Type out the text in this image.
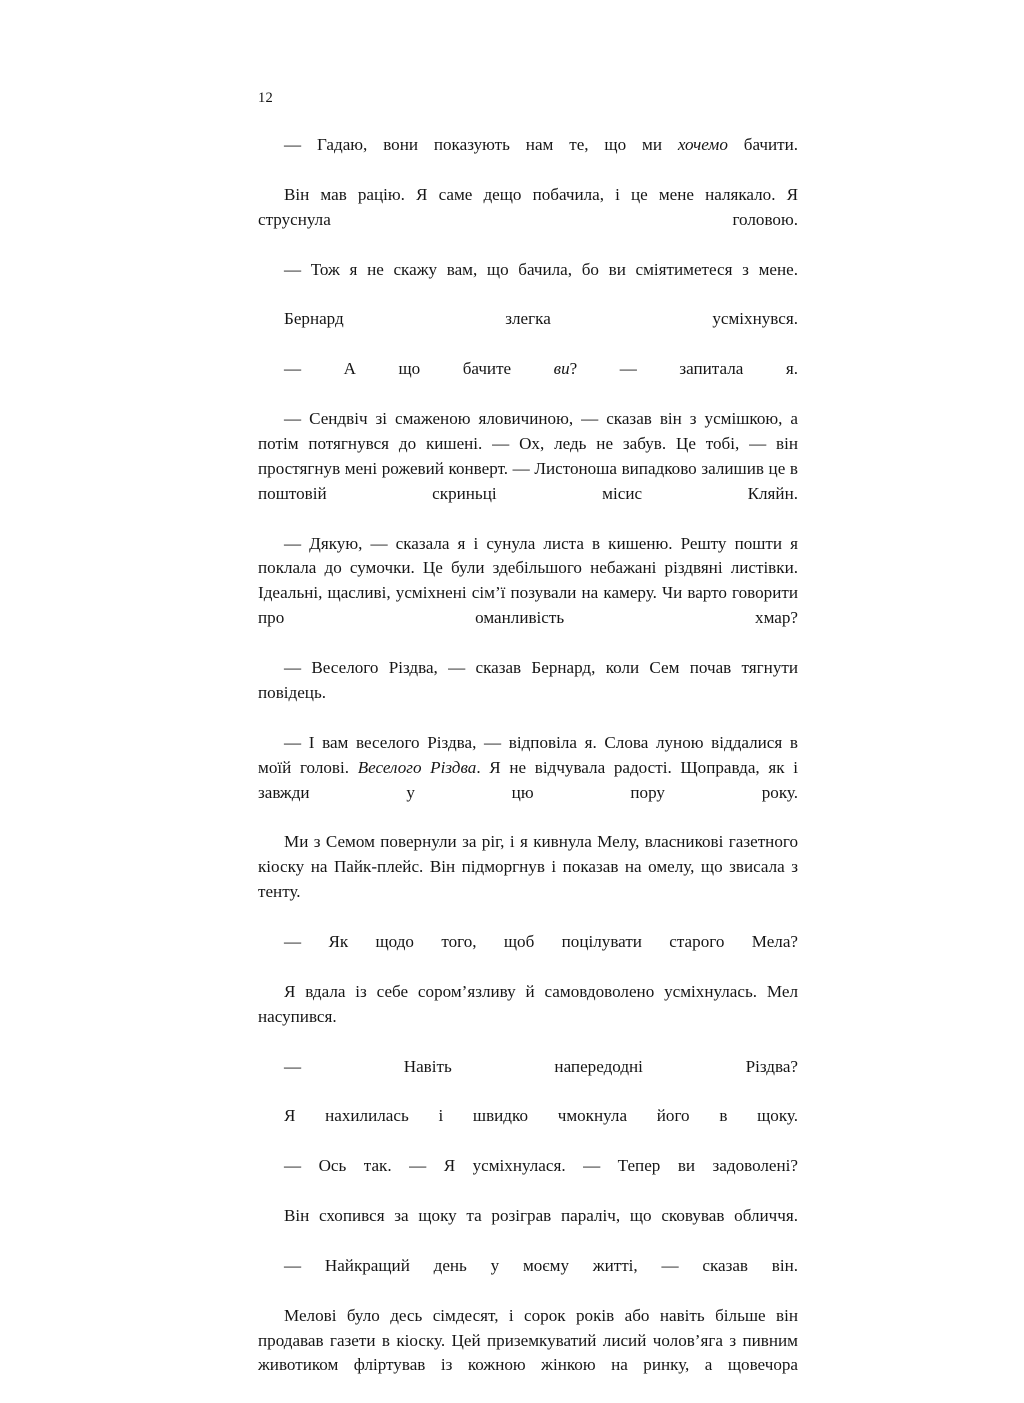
12

— Гадаю, вони показують нам те, що ми хочемо бачити.

Він мав рацію. Я саме дещо побачила, і це мене налякало. Я струснула головою.

— Тож я не скажу вам, що бачила, бо ви сміятиметеся з мене.

Бернард злегка усміхнувся.

— А що бачите ви? — запитала я.

— Сендвіч зі смаженою яловичиною, — сказав він з усмішкою, а потім потягнувся до кишені. — Ох, ледь не забув. Це тобі, — він простягнув мені рожевий конверт. — Листоноша випадково залишив це в поштовій скриньці місис Кляйн.

— Дякую, — сказала я і сунула листа в кишеню. Решту пошти я поклала до сумочки. Це були здебільшого небажані різдвяні листівки. Ідеальні, щасливі, усміхнені сім’ї позували на камеру. Чи варто говорити про оманливість хмар?

— Веселого Різдва, — сказав Бернард, коли Сем почав тягнути повідець.

— І вам веселого Різдва, — відповіла я. Слова луною віддалися в моїй голові. Веселого Різдва. Я не відчувала радості. Щоправда, як і завжди у цю пору року.

Ми з Семом повернули за ріг, і я кивнула Мелу, власникові газетного кіоску на Пайк-плейс. Він підморгнув і показав на омелу, що звисала з тенту.

— Як щодо того, щоб поцілувати старого Мела?

Я вдала із себе сором’язливу й самовдоволено усміхнулась. Мел насупився.

— Навіть напередодні Різдва?

Я нахилилась і швидко чмокнула його в щоку.

— Ось так. — Я усміхнулася. — Тепер ви задоволені?

Він схопився за щоку та розіграв параліч, що сковував обличчя.

— Найкращий день у моєму житті, — сказав він.

Мелові було десь сімдесят, і сорок років або навіть більше він продавав газети в кіоску. Цей приземкуватий лисий чолов’яга з пивним животиком фліртував із кожною жінкою на ринку, а щовечора
